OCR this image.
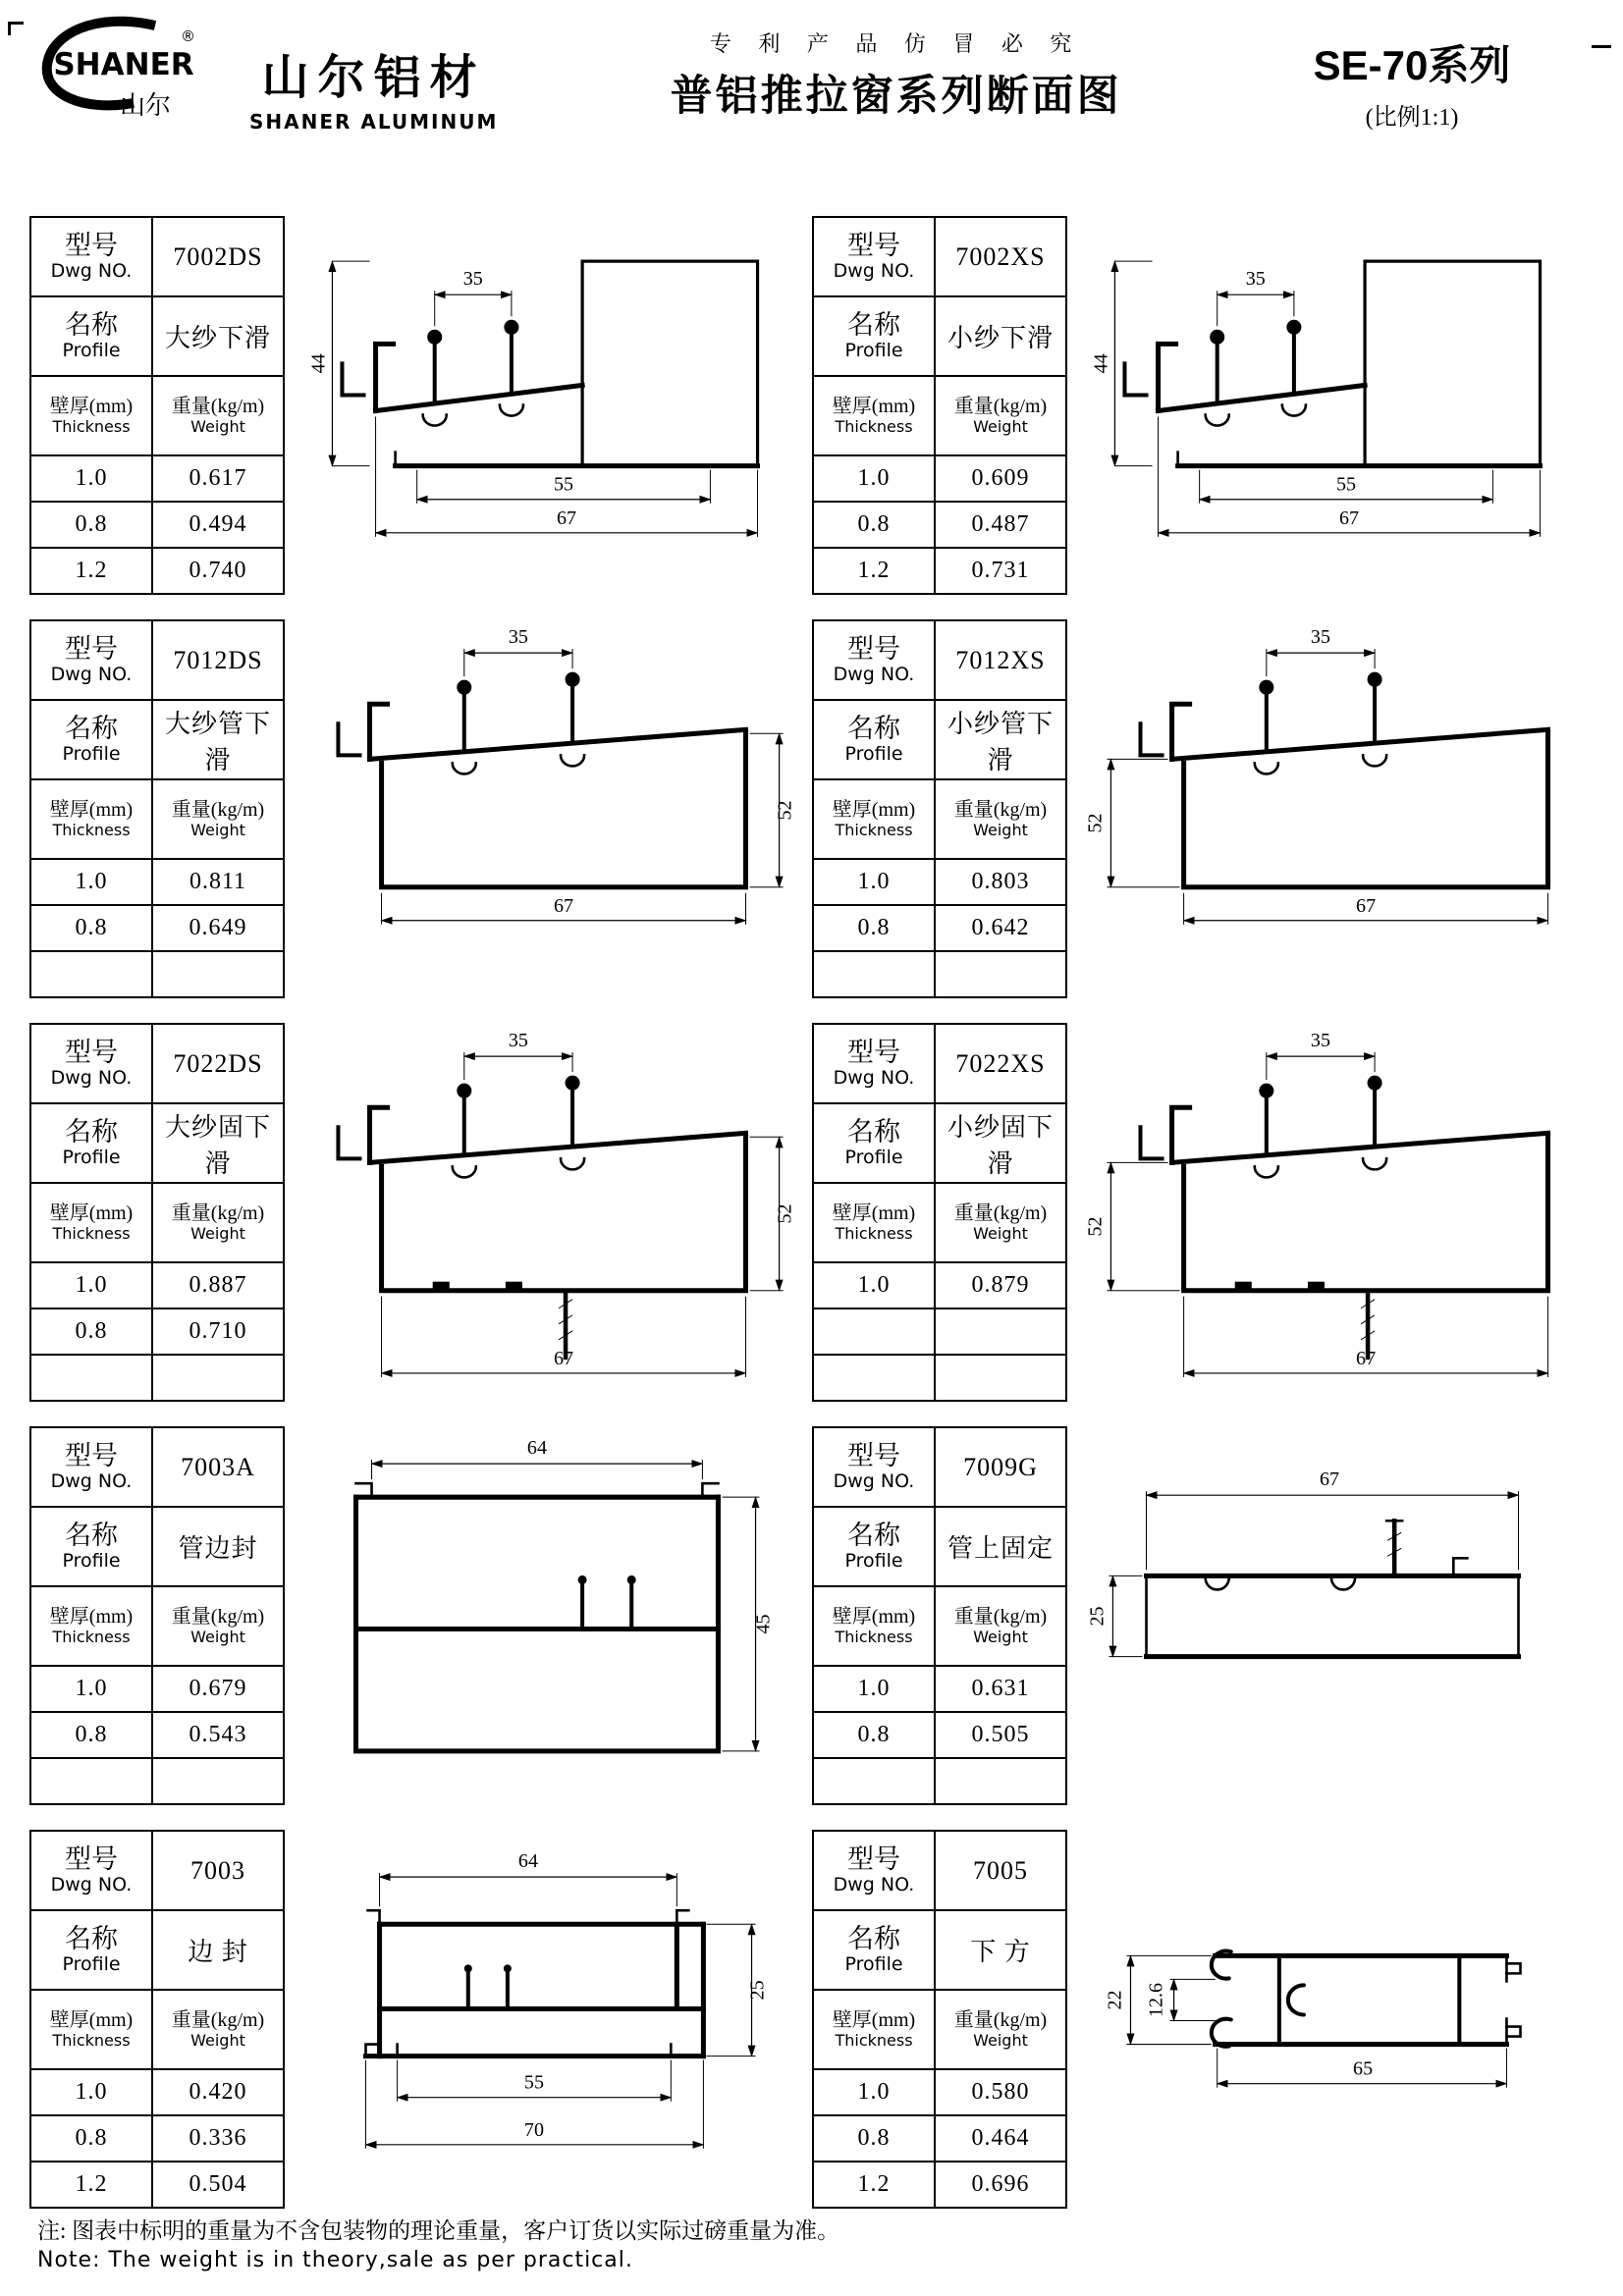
SHANER
®
山尔
山尔铝材
SHANER ALUMINUM
专 利 产 品 仿 冒 必 究
普铝推拉窗系列断面图
SE-70系列
(比例1:1)
型号
Dwg NO.	7002DS

名称
Profile	大纱下滑

壁厚(mm)
Thickness	重量(kg/m)
Weight

1.0	0.617
0.8	0.494
1.2	0.740
35
44
55
67
型号
Dwg NO.	7002XS

名称
Profile	小纱下滑

壁厚(mm)
Thickness	重量(kg/m)
Weight

1.0	0.609
0.8	0.487
1.2	0.731
35
44
55
67
型号
Dwg NO.	7012DS

名称
Profile	大纱管下滑

壁厚(mm)
Thickness	重量(kg/m)
Weight

1.0	0.811
0.8	0.649

35
52
67
型号
Dwg NO.	7012XS

名称
Profile	小纱管下滑

壁厚(mm)
Thickness	重量(kg/m)
Weight

1.0	0.803
0.8	0.642

35
52
67
型号
Dwg NO.	7022DS

名称
Profile	大纱固下滑

壁厚(mm)
Thickness	重量(kg/m)
Weight

1.0	0.887
0.8	0.710

35
52
67
型号
Dwg NO.	7022XS

名称
Profile	小纱固下滑

壁厚(mm)
Thickness	重量(kg/m)
Weight

1.0	0.879

35
52
67
型号
Dwg NO.	7003A

名称
Profile	管边封

壁厚(mm)
Thickness	重量(kg/m)
Weight

1.0	0.679
0.8	0.543

64
45
型号
Dwg NO.	7009G

名称
Profile	管上固定

壁厚(mm)
Thickness	重量(kg/m)
Weight

1.0	0.631
0.8	0.505

67
25
型号
Dwg NO.	7003

名称
Profile	边 封

壁厚(mm)
Thickness	重量(kg/m)
Weight

1.0	0.420
0.8	0.336
1.2	0.504
64
25
55
70
型号
Dwg NO.	7005

名称
Profile	下 方

壁厚(mm)
Thickness	重量(kg/m)
Weight

1.0	0.580
0.8	0.464
1.2	0.696
22 12.6
65
注: 图表中标明的重量为不含包装物的理论重量，客户订货以实际过磅重量为准。
Note: The weight is in theory,sale as per practical.
